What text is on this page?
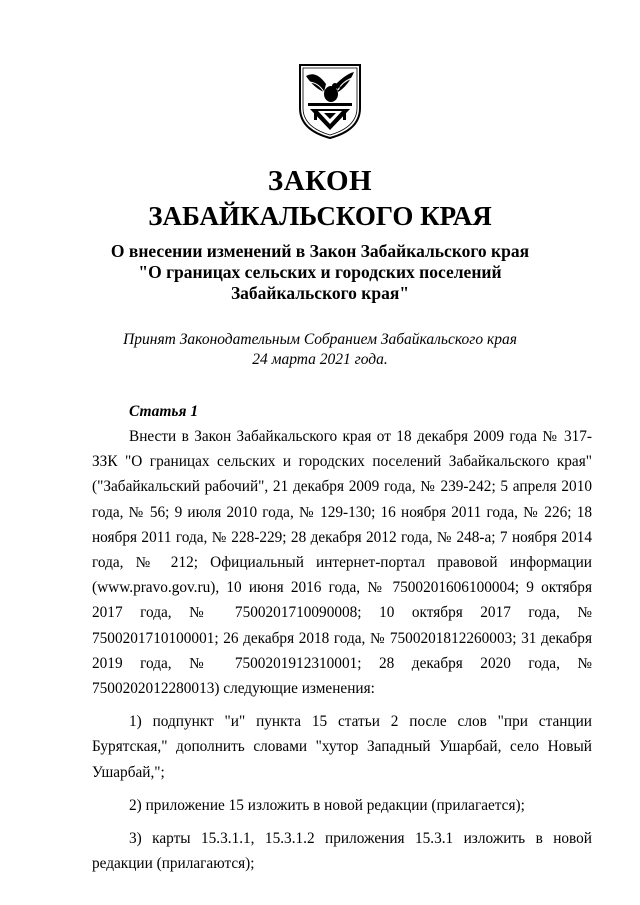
ЗАКОН
ЗАБАЙКАЛЬСКОГО КРАЯ
О внесении изменений в Закон Забайкальского края
"О границах сельских и городских поселений
Забайкальского края"
Принят Законодательным Собранием Забайкальского края
24 марта 2021 года.
Статья 1

Внести в Закон Забайкальского края от 18 декабря 2009 года № 317-ЗЗК "О границах сельских и городских поселений Забайкальского края" ("Забайкальский рабочий", 21 декабря 2009 года, № 239-242; 5 апреля 2010 года, № 56; 9 июля 2010 года, № 129-130; 16 ноября 2011 года, № 226; 18 ноября 2011 года, № 228-229; 28 декабря 2012 года, № 248-а; 7 ноября 2014 года, № 212; Официальный интернет-портал правовой информации (www.pravo.gov.ru), 10 июня 2016 года, № 7500201606100004; 9 октября 2017 года, № 7500201710090008; 10 октября 2017 года, № 7500201710100001; 26 декабря 2018 года, № 7500201812260003; 31 декабря 2019 года, № 7500201912310001; 28 декабря 2020 года, № 7500202012280013) следующие изменения:

1) подпункт "и" пункта 15 статьи 2 после слов "при станции Бурятская," дополнить словами "хутор Западный Ушарбай, село Новый Ушарбай,";

2) приложение 15 изложить в новой редакции (прилагается);

3) карты 15.3.1.1, 15.3.1.2 приложения 15.3.1 изложить в новой редакции (прилагаются);
